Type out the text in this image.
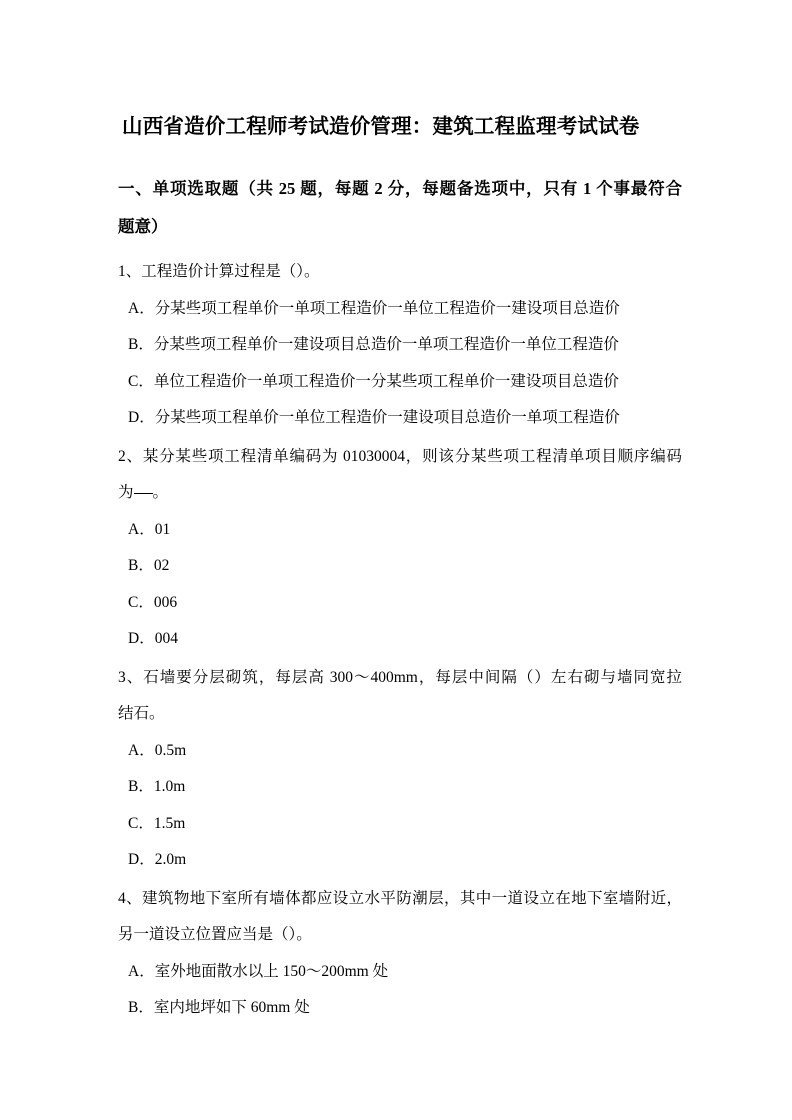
山西省造价工程师考试造价管理：建筑工程监理考试试卷
一、单项选取题（共 25 题，每题 2 分，每题备选项中，只有 1 个事最符合
题意）

1、工程造价计算过程是（）。

A．分某些项工程单价一单项工程造价一单位工程造价一建设项目总造价
B．分某些项工程单价一建设项目总造价一单项工程造价一单位工程造价
C．单位工程造价一单项工程造价一分某些项工程单价一建设项目总造价
D．分某些项工程单价一单位工程造价一建设项目总造价一单项工程造价

2、某分某些项工程清单编码为 01030004，则该分某些项工程清单项目顺序编码
为 。

A．01
B．02
C．006
D．004

3、石墙要分层砌筑，每层高 300～400mm，每层中间隔（）左右砌与墙同宽拉
结石。

A．0.5m
B．1.0m
C．1.5m
D．2.0m

4、建筑物地下室所有墙体都应设立水平防潮层，其中一道设立在地下室墙附近，
另一道设立位置应当是（）。

A．室外地面散水以上 150～200mm 处
B．室内地坪如下 60mm 处
